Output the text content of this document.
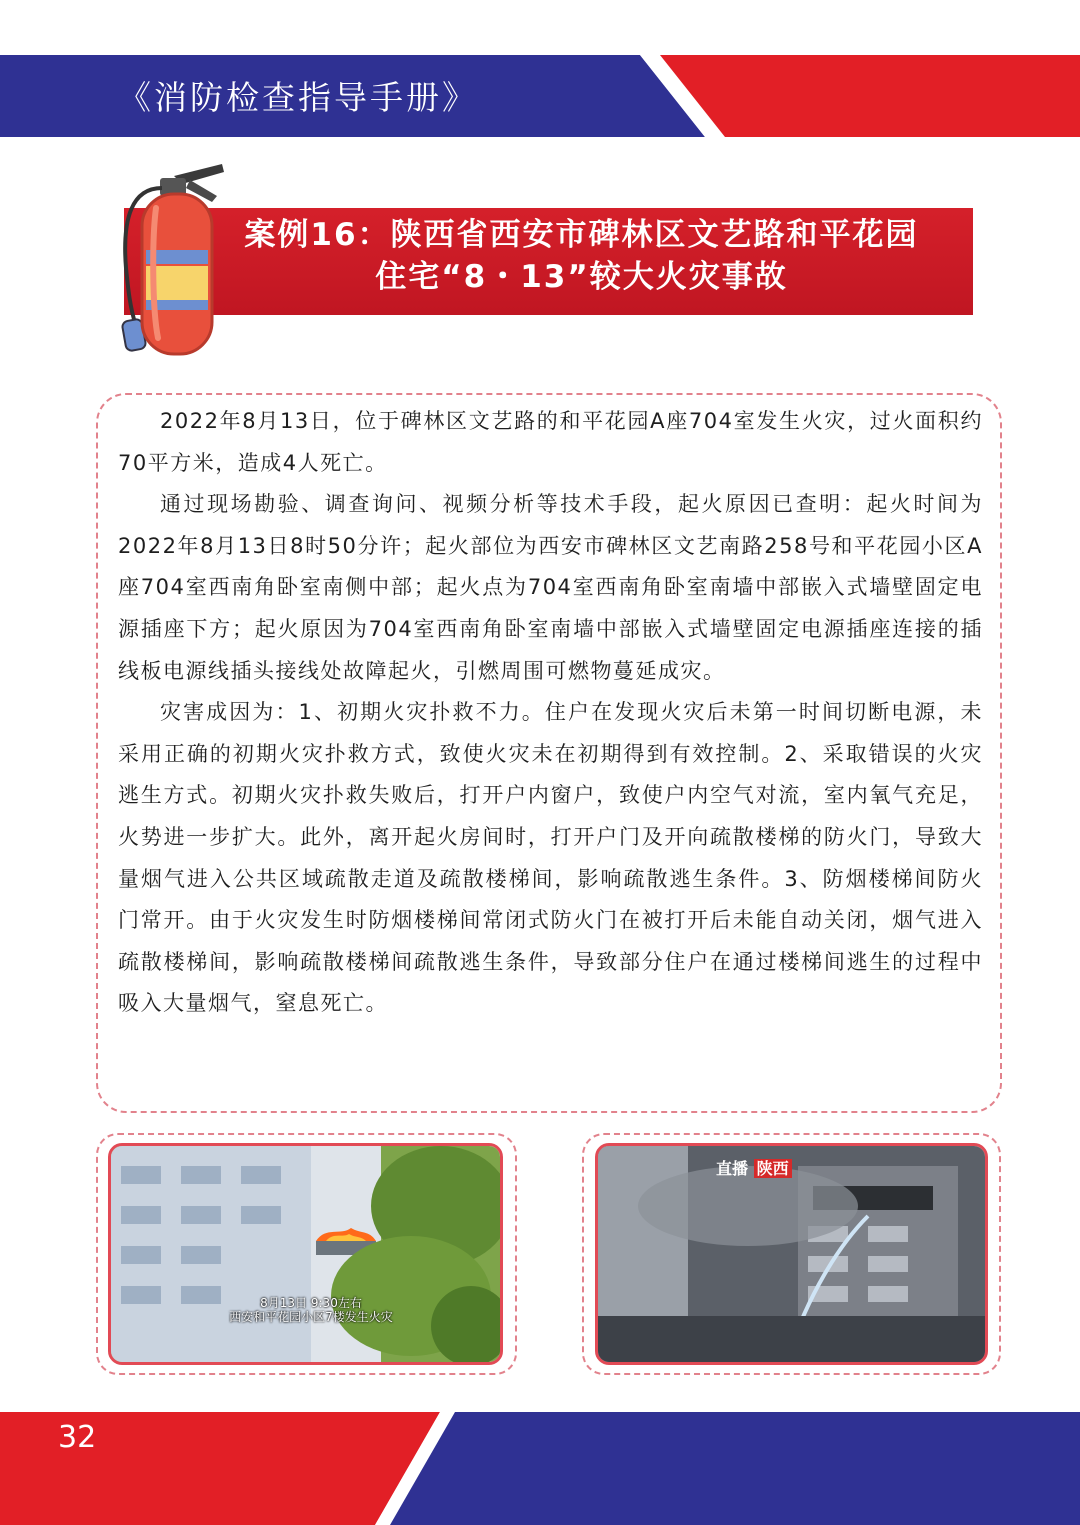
《消防检查指导手册》
案例16：陕西省西安市碑林区文艺路和平花园
住宅“8・13”较大火灾事故

2022年8月13日，位于碑林区文艺路的和平花园A座704室发生火灾，过火面积约70平方米，造成4人死亡。

通过现场勘验、调查询问、视频分析等技术手段，起火原因已查明：起火时间为2022年8月13日8时50分许；起火部位为西安市碑林区文艺南路258号和平花园小区A座704室西南角卧室南侧中部；起火点为704室西南角卧室南墙中部嵌入式墙壁固定电源插座下方；起火原因为704室西南角卧室南墙中部嵌入式墙壁固定电源插座连接的插线板电源线插头接线处故障起火，引燃周围可燃物蔓延成灾。

灾害成因为：1、初期火灾扑救不力。住户在发现火灾后未第一时间切断电源，未采用正确的初期火灾扑救方式，致使火灾未在初期得到有效控制。2、采取错误的火灾逃生方式。初期火灾扑救失败后，打开户内窗户，致使户内空气对流，室内氧气充足，火势进一步扩大。此外，离开起火房间时，打开户门及开向疏散楼梯的防火门，导致大量烟气进入公共区域疏散走道及疏散楼梯间，影响疏散逃生条件。3、防烟楼梯间防火门常开。由于火灾发生时防烟楼梯间常闭式防火门在被打开后未能自动关闭，烟气进入疏散楼梯间，影响疏散楼梯间疏散逃生条件，导致部分住户在通过楼梯间逃生的过程中吸入大量烟气，窒息死亡。

8月13日 9:30左右
西安和平花园小区7楼发生火灾
直播 陕西
32
